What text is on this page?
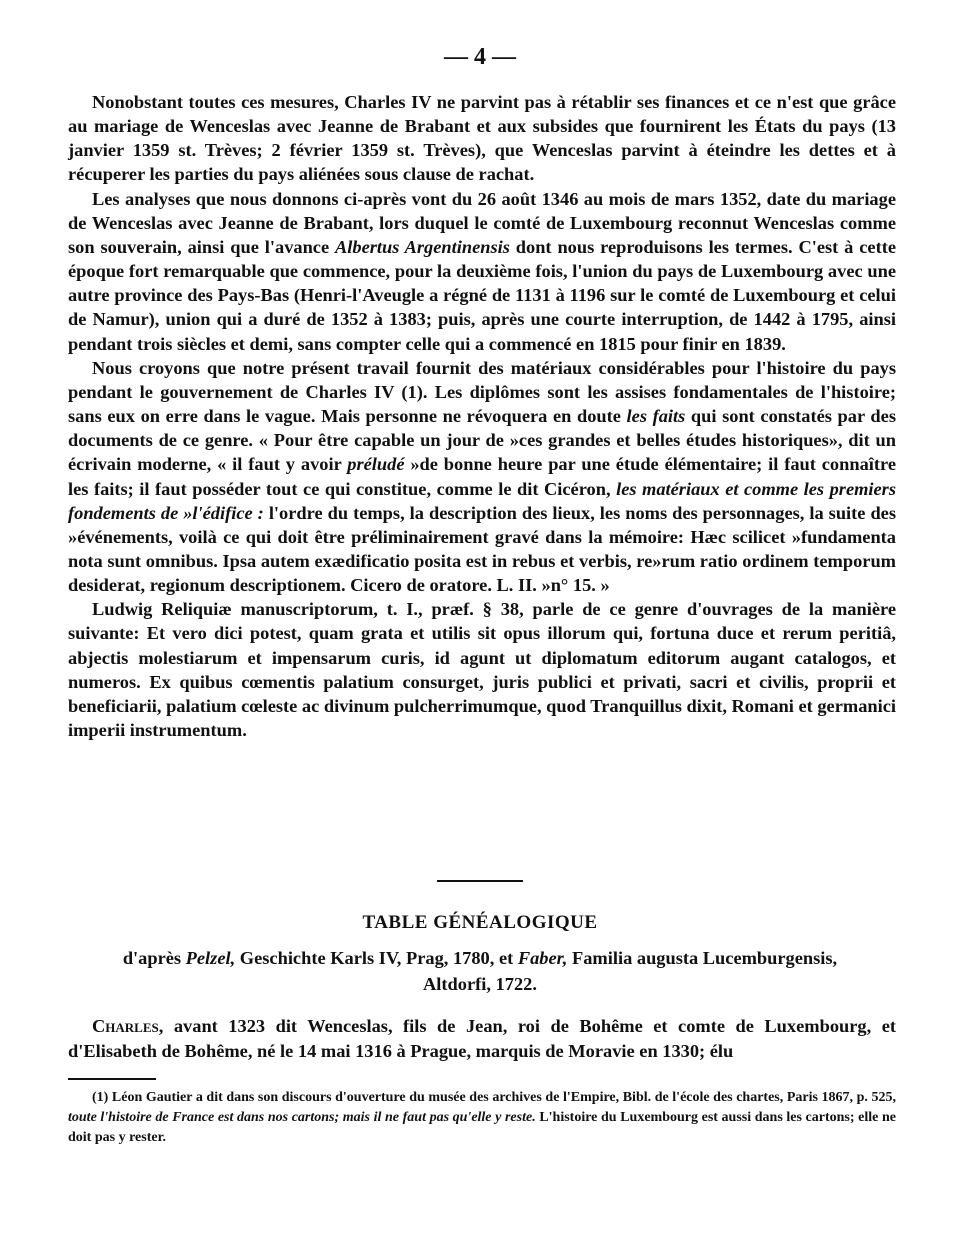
— 4 —

Nonobstant toutes ces mesures, Charles IV ne parvint pas à rétablir ses finances et ce n'est que grâce au mariage de Wenceslas avec Jeanne de Brabant et aux subsides que fournirent les États du pays (13 janvier 1359 st. Trèves; 2 février 1359 st. Trèves), que Wenceslas parvint à éteindre les dettes et à récuperer les parties du pays aliénées sous clause de rachat.

Les analyses que nous donnons ci-après vont du 26 août 1346 au mois de mars 1352, date du mariage de Wenceslas avec Jeanne de Brabant, lors duquel le comté de Luxembourg reconnut Wenceslas comme son souverain, ainsi que l'avance Albertus Argentinensis dont nous reproduisons les termes. C'est à cette époque fort remarquable que commence, pour la deuxième fois, l'union du pays de Luxembourg avec une autre province des Pays-Bas (Henri-l'Aveugle a régné de 1131 à 1196 sur le comté de Luxembourg et celui de Namur), union qui a duré de 1352 à 1383; puis, après une courte interruption, de 1442 à 1795, ainsi pendant trois siècles et demi, sans compter celle qui a commencé en 1815 pour finir en 1839.

Nous croyons que notre présent travail fournit des matériaux considérables pour l'histoire du pays pendant le gouvernement de Charles IV (1). Les diplômes sont les assises fondamentales de l'histoire; sans eux on erre dans le vague. Mais personne ne révoquera en doute les faits qui sont constatés par des documents de ce genre. « Pour être capable un jour de »ces grandes et belles études historiques», dit un écrivain moderne, « il faut y avoir préludé »de bonne heure par une étude élémentaire; il faut connaître les faits; il faut posséder tout ce qui constitue, comme le dit Cicéron, les matériaux et comme les premiers fondements de »l'édifice : l'ordre du temps, la description des lieux, les noms des personnages, la suite des »événements, voilà ce qui doit être préliminairement gravé dans la mémoire: Hæc scilicet »fundamenta nota sunt omnibus. Ipsa autem exædificatio posita est in rebus et verbis, re»rum ratio ordinem temporum desiderat, regionum descriptionem. Cicero de oratore. L. II. »n° 15. »

Ludwig Reliquiæ manuscriptorum, t. I., præf. § 38, parle de ce genre d'ouvrages de la manière suivante: Et vero dici potest, quam grata et utilis sit opus illorum qui, fortuna duce et rerum peritiâ, abjectis molestiarum et impensarum curis, id agunt ut diplomatum editorum augant catalogos, et numeros. Ex quibus cœmentis palatium consurget, juris publici et privati, sacri et civilis, proprii et beneficiarii, palatium cœleste ac divinum pulcherrimumque, quod Tranquillus dixit, Romani et germanici imperii instrumentum.

TABLE GÉNÉALOGIQUE
d'après Pelzel, Geschichte Karls IV, Prag, 1780, et Faber, Familia augusta Lucemburgensis, Altdorfi, 1722.

Charles, avant 1323 dit Wenceslas, fils de Jean, roi de Bohême et comte de Luxembourg, et d'Elisabeth de Bohême, né le 14 mai 1316 à Prague, marquis de Moravie en 1330; élu

(1) Léon Gautier a dit dans son discours d'ouverture du musée des archives de l'Empire, Bibl. de l'école des chartes, Paris 1867, p. 525, toute l'histoire de France est dans nos cartons; mais il ne faut pas qu'elle y reste. L'histoire du Luxembourg est aussi dans les cartons; elle ne doit pas y rester.
